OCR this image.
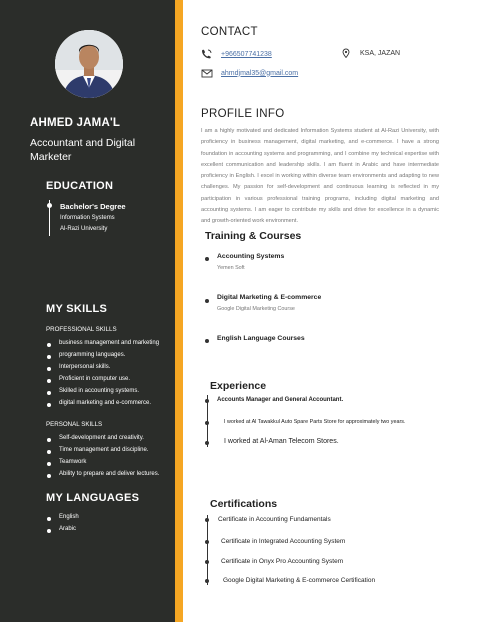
AHMED JAMA'L
Accountant and Digital Marketer
EDUCATION
Bachelor's Degree
Information Systems
Al-Razi University
MY SKILLS
PROFESSIONAL SKILLS
business management and marketing
programming languages.
Interpersonal skills.
Proficient in computer use.
Skilled in accounting systems.
digital marketing and e-commerce.
PERSONAL SKILLS
Self-development and creativity.
Time management and discipline.
Teamwork
Ability to prepare and deliver lectures.
MY LANGUAGES
English
Arabic
CONTACT
+966507741238	KSA, JAZAN
ahmdjmal35@gmail.com
PROFILE INFO

I am a highly motivated and dedicated Information Systems student at Al-Razi University, with proficiency in business management, digital marketing, and e-commerce. I have a strong foundation in accounting systems and programming, and I combine my technical expertise with excellent communication and leadership skills. I am fluent in Arabic and have intermediate proficiency in English. I excel in working within diverse team environments and adapting to new challenges. My passion for self-development and continuous learning is reflected in my participation in various professional training programs, including digital marketing and accounting systems. I am eager to contribute my skills and drive for excellence in a dynamic and growth-oriented work environment.

Training & Courses
Accounting Systems
Yemen Soft
Digital Marketing & E-commerce
Google Digital Marketing Course
English Language Courses
Experience
Accounts Manager and General Accountant.
I worked at Al Tawakkul Auto Spare Parts Store for approximately two years.
I worked at Al-Aman Telecom Stores.
Certifications
Certificate in Accounting Fundamentals
Certificate in Integrated Accounting System
Certificate in Onyx Pro Accounting System
Google Digital Marketing & E-commerce Certification
